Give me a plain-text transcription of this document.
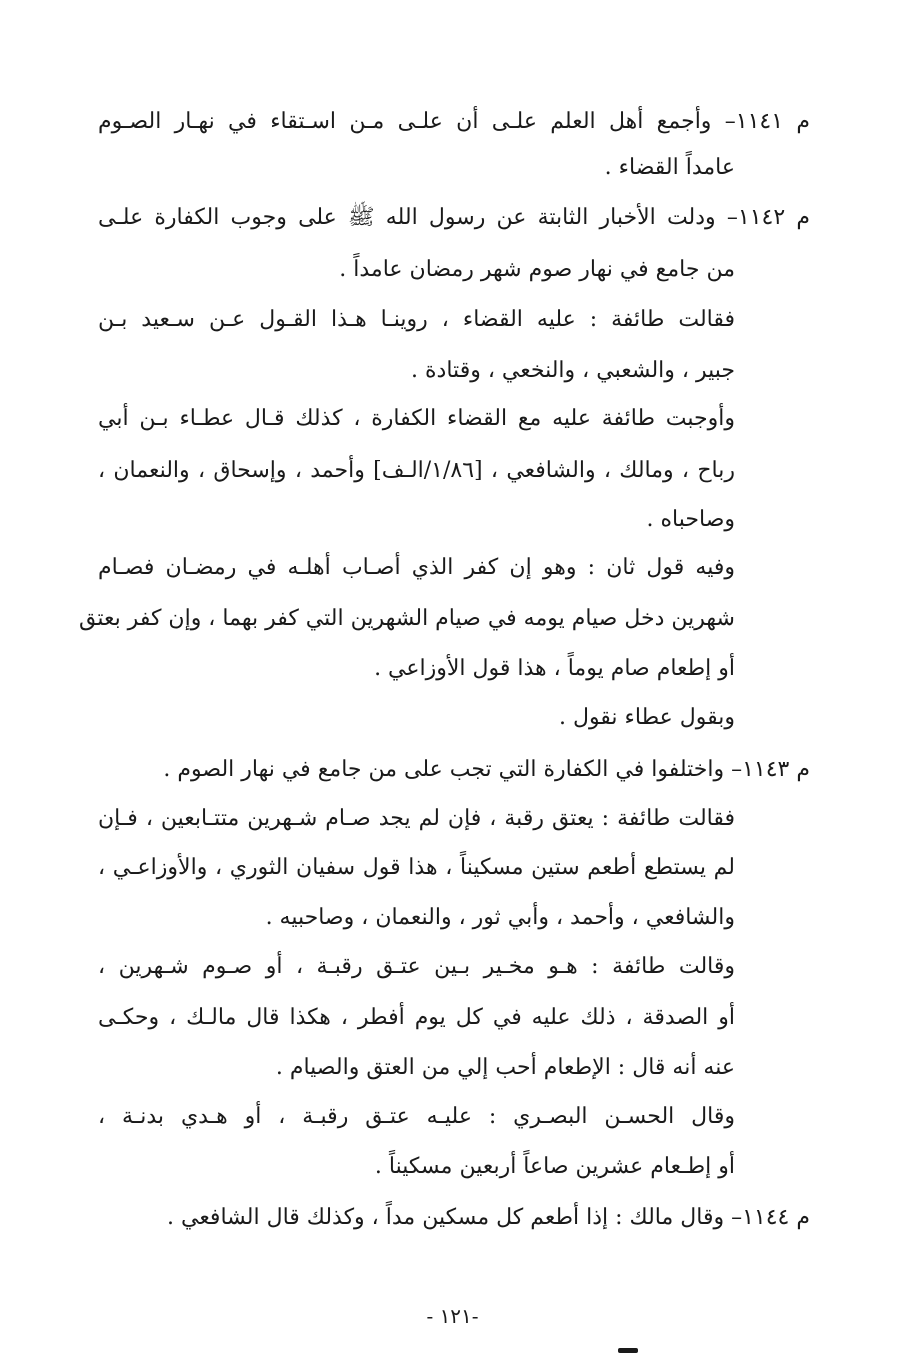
م ١١٤١– وأجمع أهل العلم علـى أن علـى مـن اسـتقاء في نهـار الصـوم
عامداً القضاء .
م ١١٤٢– ودلت الأخبار الثابتة عن رسول الله ﷺ على وجوب الكفارة علـى
من جامع في نهار صوم شهر رمضان عامداً .
فقالت طائفة : عليه القضاء ، روينـا هـذا القـول عـن سـعيد بـن
جبير ، والشعبي ، والنخعي ، وقتادة .
وأوجبت طائفة عليه مع القضاء الكفارة ، كذلك قـال عطـاء بـن أبي
رباح ، ومالك ، والشافعي ، [١/٨٦/الـف] وأحمد ، وإسحاق ، والنعمان ،
وصاحباه .
وفيه قول ثان : وهو إن كفر الذي أصـاب أهلـه في رمضـان فصـام
شهرين دخل صيام يومه في صيام الشهرين التي كفر بهما ، وإن كفر بعتق
أو إطعام صام يوماً ، هذا قول الأوزاعي .
وبقول عطاء نقول .
م ١١٤٣– واختلفوا في الكفارة التي تجب على من جامع في نهار الصوم .
فقالت طائفة : يعتق رقبة ، فإن لم يجد صـام شـهرين متتـابعين ، فـإن
لم يستطع أطعم ستين مسكيناً ، هذا قول سفيان الثوري ، والأوزاعـي ،
والشافعي ، وأحمد ، وأبي ثور ، والنعمان ، وصاحبيه .
وقالت طائفة : هـو مخـير بـين عتـق رقبـة ، أو صـوم شـهرين ،
أو الصدقة ، ذلك عليه في كل يوم أفطر ، هكذا قال مالـك ، وحكـى
عنه أنه قال : الإطعام أحب إلي من العتق والصيام .
وقال الحسـن البصـري : عليـه عتـق رقبـة ، أو هـدي بدنـة ،
أو إطـعام عشرين صاعاً أربعين مسكيناً .
م ١١٤٤– وقال مالك : إذا أطعم كل مسكين مداً ، وكذلك قال الشافعي .
-١٢١ -
